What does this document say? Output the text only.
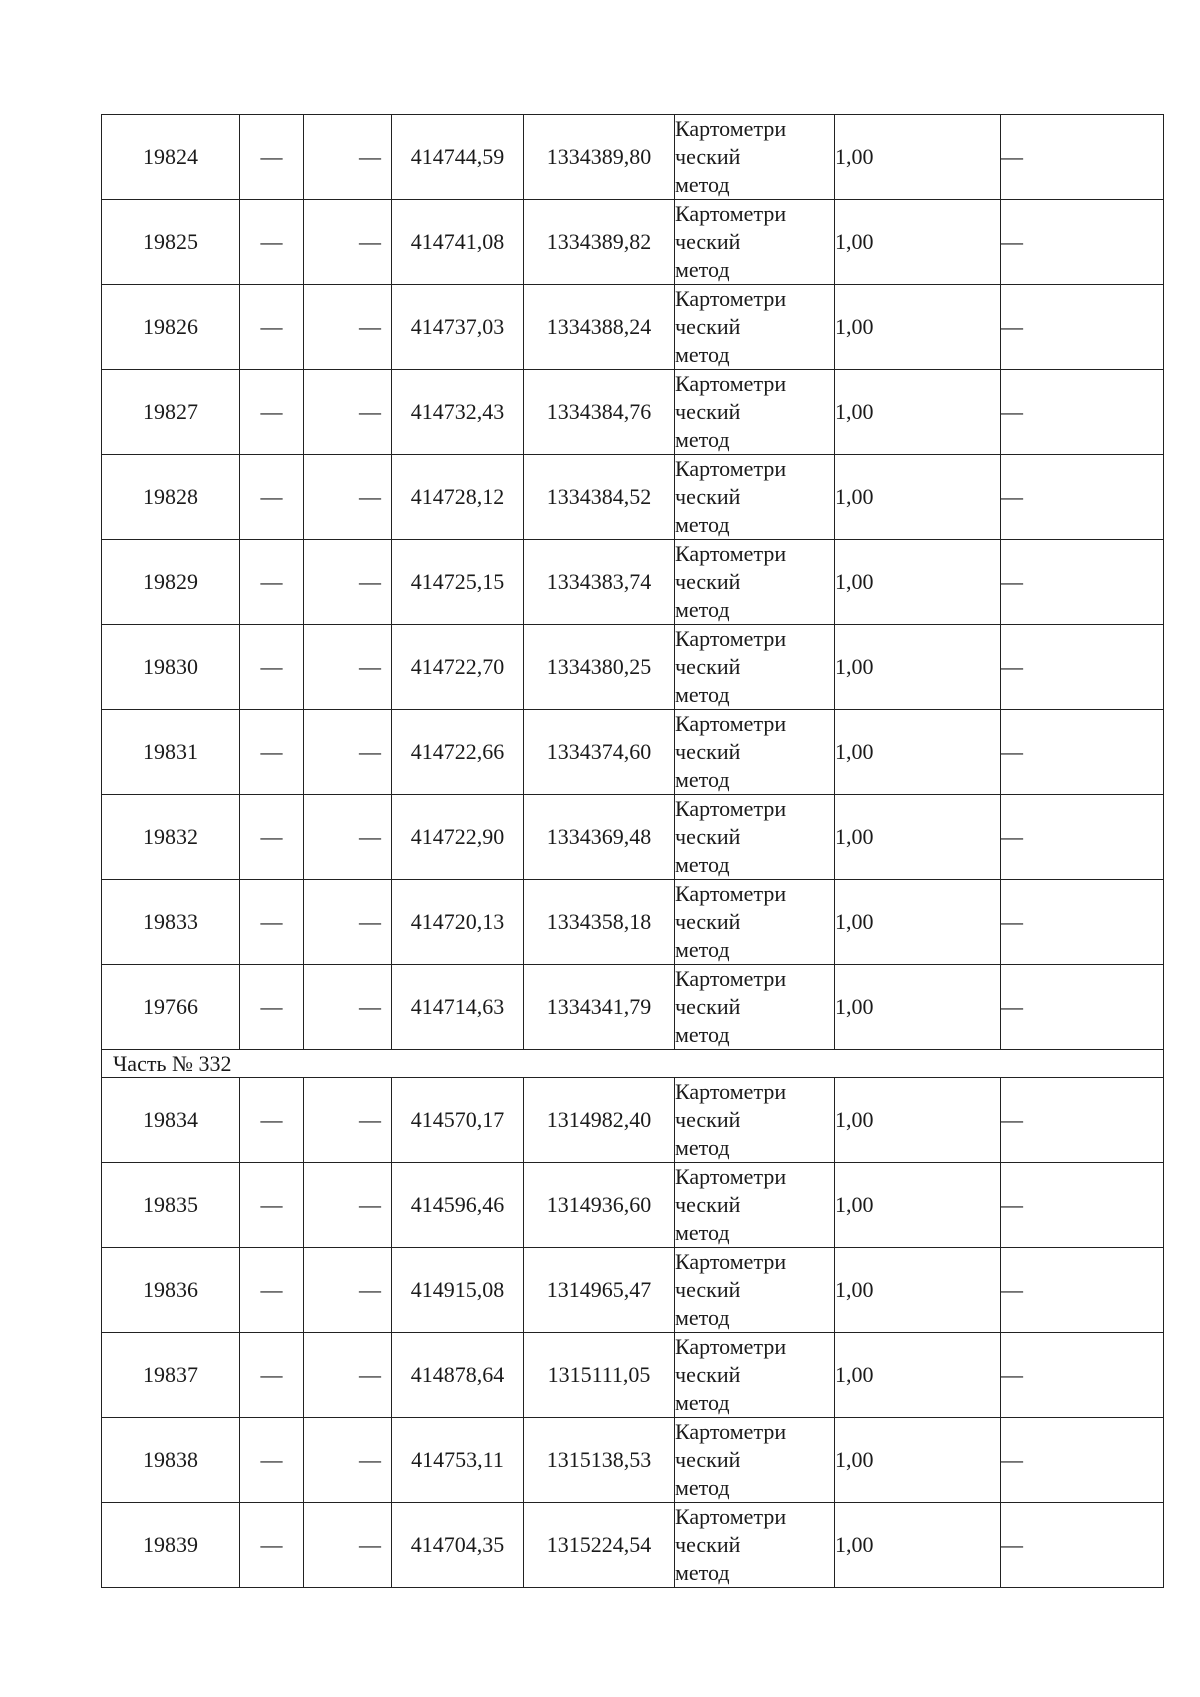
19824	—	—	414744,59	1334389,80	Картометри
ческий
метод	1,00	—
19825	—	—	414741,08	1334389,82	Картометри
ческий
метод	1,00	—
19826	—	—	414737,03	1334388,24	Картометри
ческий
метод	1,00	—
19827	—	—	414732,43	1334384,76	Картометри
ческий
метод	1,00	—
19828	—	—	414728,12	1334384,52	Картометри
ческий
метод	1,00	—
19829	—	—	414725,15	1334383,74	Картометри
ческий
метод	1,00	—
19830	—	—	414722,70	1334380,25	Картометри
ческий
метод	1,00	—
19831	—	—	414722,66	1334374,60	Картометри
ческий
метод	1,00	—
19832	—	—	414722,90	1334369,48	Картометри
ческий
метод	1,00	—
19833	—	—	414720,13	1334358,18	Картометри
ческий
метод	1,00	—
19766	—	—	414714,63	1334341,79	Картометри
ческий
метод	1,00	—
Часть № 332							
19834	—	—	414570,17	1314982,40	Картометри
ческий
метод	1,00	—
19835	—	—	414596,46	1314936,60	Картометри
ческий
метод	1,00	—
19836	—	—	414915,08	1314965,47	Картометри
ческий
метод	1,00	—
19837	—	—	414878,64	1315111,05	Картометри
ческий
метод	1,00	—
19838	—	—	414753,11	1315138,53	Картометри
ческий
метод	1,00	—
19839	—	—	414704,35	1315224,54	Картометри
ческий
метод	1,00	—
